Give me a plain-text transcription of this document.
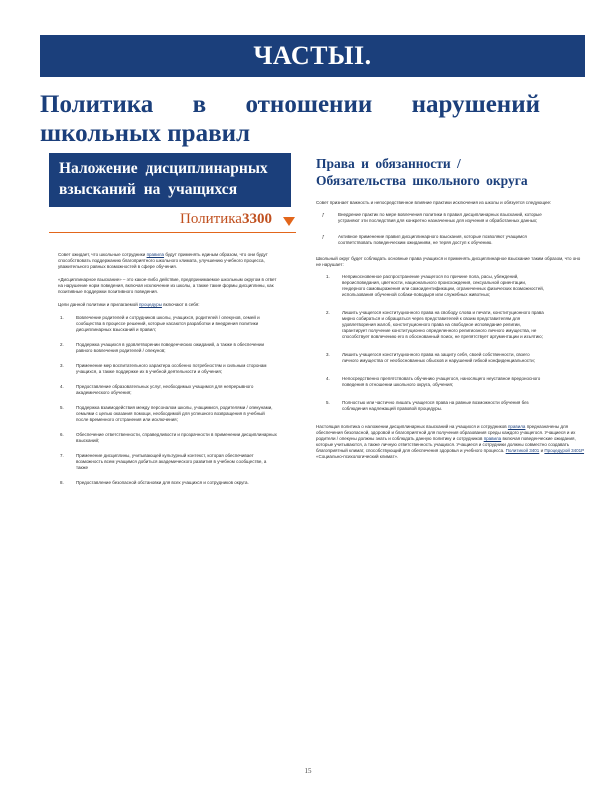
ЧАСТЫІ.
Политика в отношении нарушений школьных правил
Наложение дисциплинарных взысканий на учащихся
Политика3300

Совет ожидает, что школьные сотрудники правила будут применять единым образом, что они будут способствовать поддержанию благоприятного школьного климата, улучшению учебного процесса, уважительного равных возможностей в сфере обучения.

«Дисциплинарное взыскание» – это какое-либо действие, предпринимаемое школьным округом в ответ на нарушение норм поведения, включая исключение из школы, а также такие формы дисциплины, как позитивные поддержки позитивного поведения.

Цели данной политики и прилагаемой процедуры включают в себя:

1.	Вовлечение родителей и сотрудников школы, учащихся, родителей / опекунов, семей и сообщества в процессе решений, которые касаются разработки и внедрения политики дисциплинарных взысканий и правил;
2.	Поддержка учащихся в удовлетворении поведенческих ожиданий, а также в обеспечении равного вовлечения родителей / опекунов;
3.	Применение мер воспитательного характера особенно потребностям и сильным сторонам учащихся, а также поддержке их в учебной деятельности и обучения;
4.	Предоставление образовательных услуг, необходимых учащимся для непрерывного академического обучения;
5.	Поддержка взаимодействия между персоналом школы, учащимися, родителями / опекунами, семьями с целью оказания помощи, необходимой для успешного возвращения в учебный после временного отстранения или исключения;
6.	Обеспечение ответственности, справедливости и прозрачности в применении дисциплинарных взысканий;
7.	Применение дисциплины, учитывающей культурный контекст, которая обеспечивает возможность всем учащимся добиться академического развития в учебном сообществе, а также
8.	Предоставление безопасной обстановки для всех учащихся и сотрудников округа.
Права и обязанности / Обязательства школьного округа

Совет признает важность и непосредственное влияние практики исключения из школы и обязуется следующее:

ƒ	Внедрение практик по мере вовлечения политики в правил дисциплинарных взысканий, которые устраняют эти последствия для конкретно назначенных для изучения и обработанных данных;
ƒ	Активное применение правил дисциплинарного взыскания, которые позволяют учащимся соответствовать поведенческим ожиданиям, не теряя доступ к обучению.

Школьный округ будет соблюдать основные права учащихся и применять дисциплинарное взыскание таким образом, что оно не нарушает:

1.	Неприкосновенное распространение учащегося по причине пола, расы, убеждений, вероисповедания, цветности, национального происхождения, сексуальной ориентации, гендерного самовыражения или самоидентификации, ограниченных физических возможностей, использования обученной собаки-поводыря или служебных животных;
2.	Лишить учащегося конституционного права на свободу слова и печати, конституционного права мирно собираться и обращаться через представителей к своим представителям для удовлетворения жалоб, конституционного права на свободное исповедание религии, гарантирует получение конституционно определенного религиозного личного имущества, не способствует вовлечению его в обоснованный поиск, не препятствует аргументации и изъятию;
3.	Лишить учащегося конституционного права на защиту себя, своей собственности, своего личного имущества от необоснованных обысков и нарушений гибкой конфиденциальности;
4.	Непосредственно препятствовать обучению учащегося, наносящего неуставное вредоносного поведения в отношении школьного округа, обучения;
5.	Полностью или частично лишать учащегося права на равные возможности обучения без соблюдения надлежащей правовой процедуры.

Настоящая политика о наложении дисциплинарных взысканий на учащихся и сотрудников правила предназначены для обеспечения безопасной, здоровой и благоприятной для получения образования среды каждого учащегося. Учащиеся и их родители / опекуны должны знать и соблюдать данную политику и сотрудников правила включая поведенческие ожидания, которые учитываются, а также личную ответственность учащихся. Учащиеся и сотрудники должны совместно создавать благоприятный климат, способствующий для обеспечения здоровья и учебного процесса. Политикой 3401 и Процедурой 3401P «Социально-психологический климат».

15
